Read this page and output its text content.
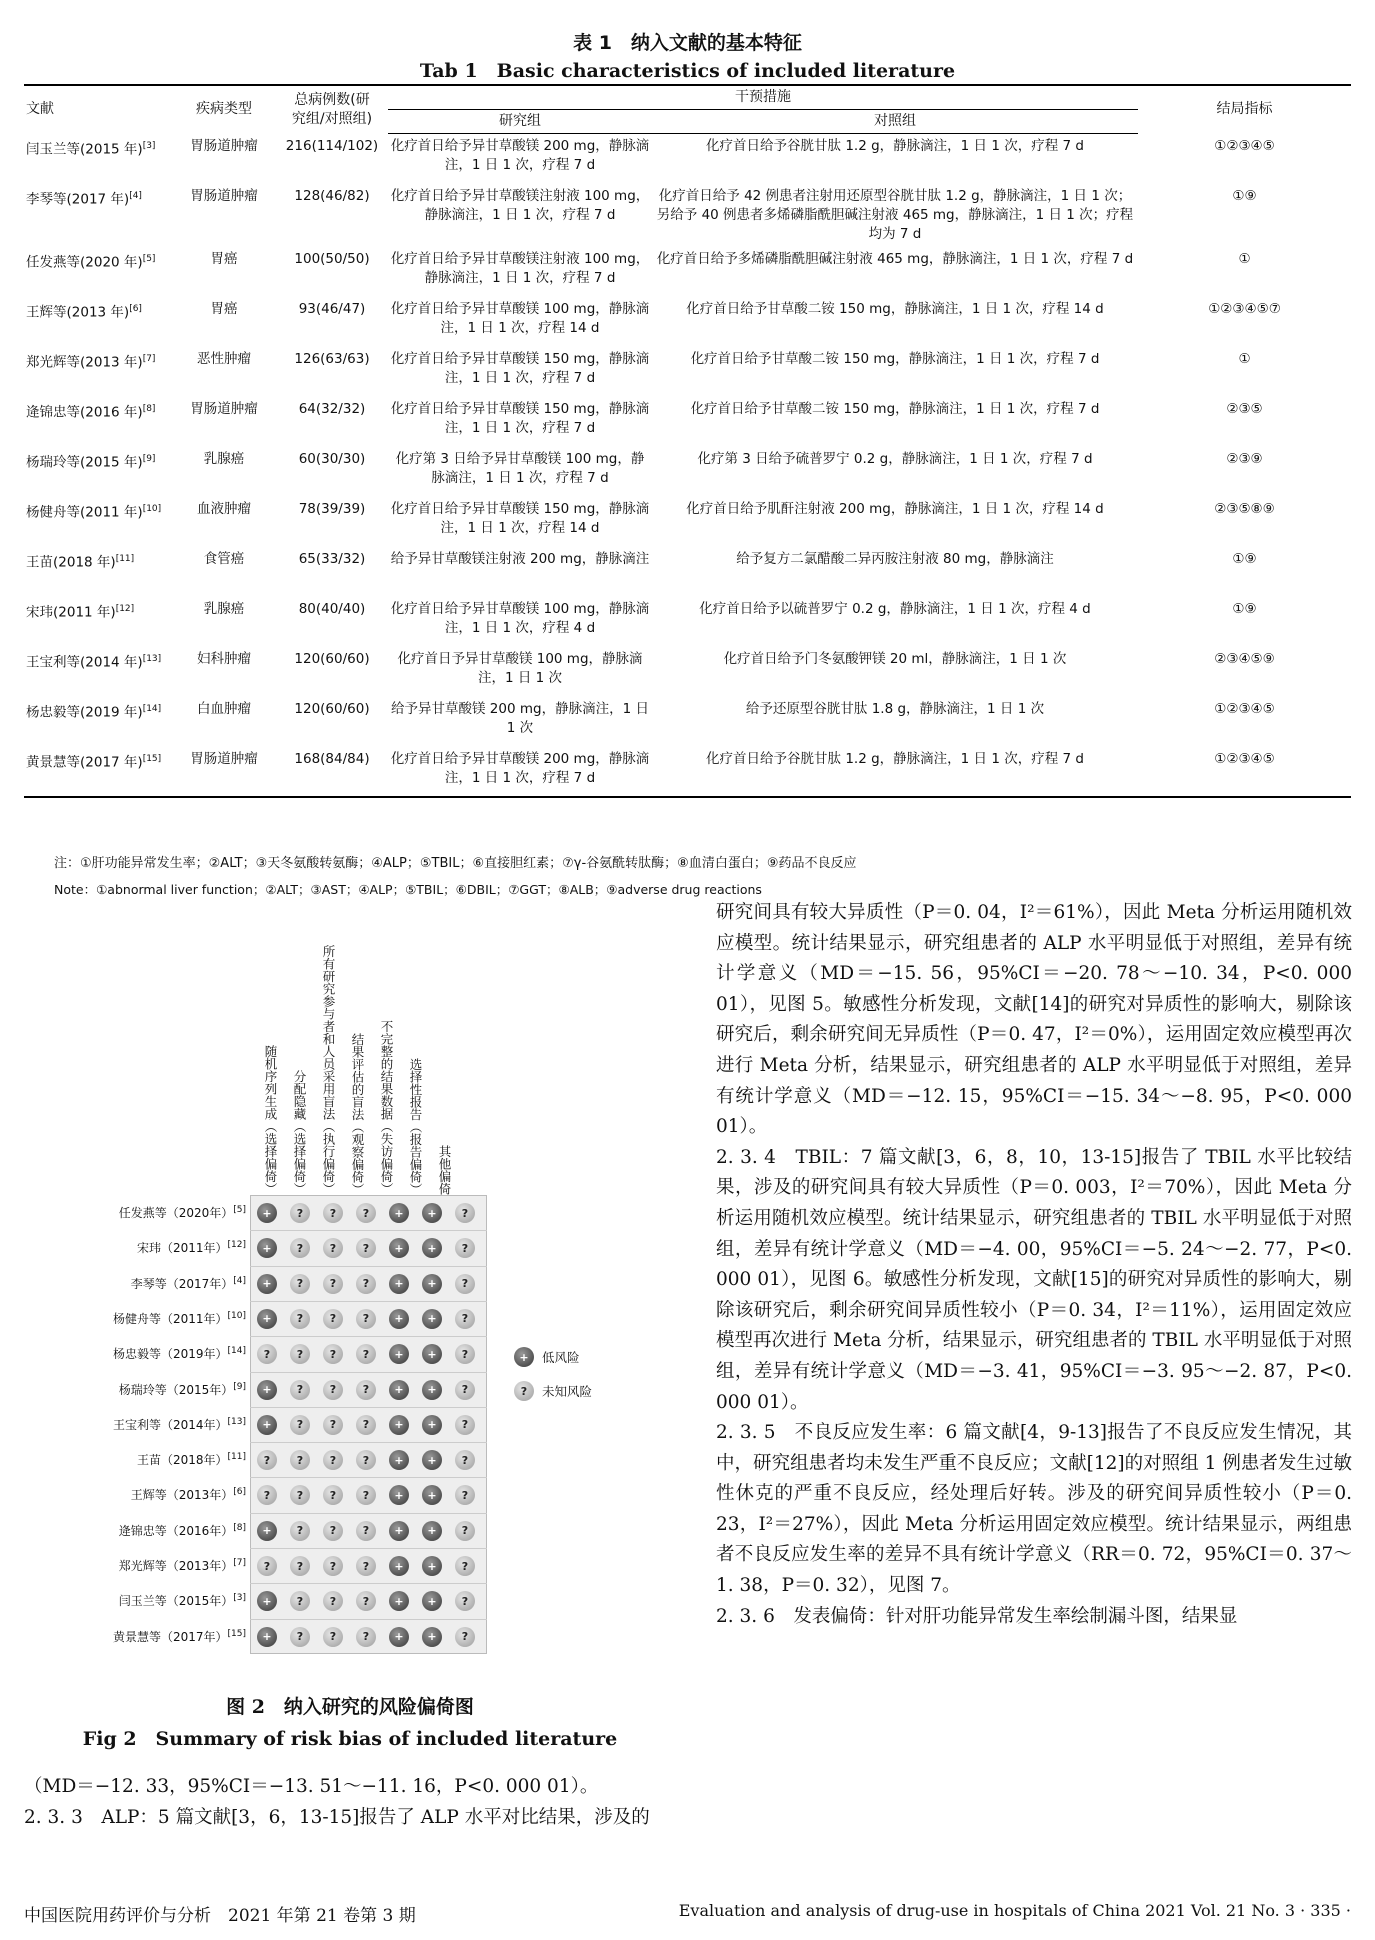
表 1　纳入文献的基本特征
Tab 1　Basic characteristics of included literature
文献	疾病类型	总病例数(研
究组/对照组)	干预措施		结局指标
			研究组	对照组	
闫玉兰等(2015 年)[3]	胃肠道肿瘤	216(114/102)	化疗首日给予异甘草酸镁 200 mg，静脉滴注，1 日 1 次，疗程 7 d	化疗首日给予谷胱甘肽 1.2 g，静脉滴注，1 日 1 次，疗程 7 d	①②③④⑤
李琴等(2017 年)[4]	胃肠道肿瘤	128(46/82)	化疗首日给予异甘草酸镁注射液 100 mg，静脉滴注，1 日 1 次，疗程 7 d	化疗首日给予 42 例患者注射用还原型谷胱甘肽 1.2 g，静脉滴注，1 日 1 次；另给予 40 例患者多烯磷脂酰胆碱注射液 465 mg，静脉滴注，1 日 1 次；疗程均为 7 d	①⑨
任发燕等(2020 年)[5]	胃癌	100(50/50)	化疗首日给予异甘草酸镁注射液 100 mg，静脉滴注，1 日 1 次，疗程 7 d	化疗首日给予多烯磷脂酰胆碱注射液 465 mg，静脉滴注，1 日 1 次，疗程 7 d	①
王辉等(2013 年)[6]	胃癌	93(46/47)	化疗首日给予异甘草酸镁 100 mg，静脉滴注，1 日 1 次，疗程 14 d	化疗首日给予甘草酸二铵 150 mg，静脉滴注，1 日 1 次，疗程 14 d	①②③④⑤⑦
郑光辉等(2013 年)[7]	恶性肿瘤	126(63/63)	化疗首日给予异甘草酸镁 150 mg，静脉滴注，1 日 1 次，疗程 7 d	化疗首日给予甘草酸二铵 150 mg，静脉滴注，1 日 1 次，疗程 7 d	①
逄锦忠等(2016 年)[8]	胃肠道肿瘤	64(32/32)	化疗首日给予异甘草酸镁 150 mg，静脉滴注，1 日 1 次，疗程 7 d	化疗首日给予甘草酸二铵 150 mg，静脉滴注，1 日 1 次，疗程 7 d	②③⑤
杨瑞玲等(2015 年)[9]	乳腺癌	60(30/30)	化疗第 3 日给予异甘草酸镁 100 mg，静脉滴注，1 日 1 次，疗程 7 d	化疗第 3 日给予硫普罗宁 0.2 g，静脉滴注，1 日 1 次，疗程 7 d	②③⑨
杨健舟等(2011 年)[10]	血液肿瘤	78(39/39)	化疗首日给予异甘草酸镁 150 mg，静脉滴注，1 日 1 次，疗程 14 d	化疗首日给予肌酐注射液 200 mg，静脉滴注，1 日 1 次，疗程 14 d	②③⑤⑧⑨
王苗(2018 年)[11]	食管癌	65(33/32)	给予异甘草酸镁注射液 200 mg，静脉滴注	给予复方二氯醋酸二异丙胺注射液 80 mg，静脉滴注	①⑨
宋玮(2011 年)[12]	乳腺癌	80(40/40)	化疗首日给予异甘草酸镁 100 mg，静脉滴注，1 日 1 次，疗程 4 d	化疗首日给予以硫普罗宁 0.2 g，静脉滴注，1 日 1 次，疗程 4 d	①⑨
王宝利等(2014 年)[13]	妇科肿瘤	120(60/60)	化疗首日予异甘草酸镁 100 mg，静脉滴注，1 日 1 次	化疗首日给予门冬氨酸钾镁 20 ml，静脉滴注，1 日 1 次	②③④⑤⑨
杨忠毅等(2019 年)[14]	白血肿瘤	120(60/60)	给予异甘草酸镁 200 mg，静脉滴注，1 日 1 次	给予还原型谷胱甘肽 1.8 g，静脉滴注，1 日 1 次	①②③④⑤
黄景慧等(2017 年)[15]	胃肠道肿瘤	168(84/84)	化疗首日给予异甘草酸镁 200 mg，静脉滴注，1 日 1 次，疗程 7 d	化疗首日给予谷胱甘肽 1.2 g，静脉滴注，1 日 1 次，疗程 7 d	①②③④⑤
注：①肝功能异常发生率；②ALT；③天冬氨酸转氨酶；④ALP；⑤TBIL；⑥直接胆红素；⑦γ-谷氨酰转肽酶；⑧血清白蛋白；⑨药品不良反应
Note：①abnormal liver function；②ALT；③AST；④ALP；⑤TBIL；⑥DBIL；⑦GGT；⑧ALB；⑨adverse drug reactions
随机序列生成（选择偏倚） 分配隐藏（选择偏倚） 所有研究参与者和人员采用盲法（执行偏倚） 结果评估的盲法（观察偏倚） 不完整的结果数据（失访偏倚） 选择性报告（报告偏倚） 其他偏倚
任发燕等（2020年）[5]	+	?	?	?	+	+	?
宋玮（2011年）[12]	+	?	?	?	+	+	?
李琴等（2017年）[4]	+	?	?	?	+	+	?
杨健舟等（2011年）[10]	+	?	?	?	+	+	?
杨忠毅等（2019年）[14]	?	?	?	?	+	+	?
杨瑞玲等（2015年）[9]	+	?	?	?	+	+	?
王宝利等（2014年）[13]	+	?	?	?	+	+	?
王苗（2018年）[11]	?	?	?	?	+	+	?
王辉等（2013年）[6]	?	?	?	?	+	+	?
逄锦忠等（2016年）[8]	+	?	?	?	+	+	?
郑光辉等（2013年）[7]	?	?	?	?	+	+	?
闫玉兰等（2015年）[3]	+	?	?	?	+	+	?
黄景慧等（2017年）[15]	+	?	?	?	+	+	?
+	低风险
?	未知风险
图 2　纳入研究的风险偏倚图
Fig 2　Summary of risk bias of included literature

（MD＝−12. 33，95%CI＝−13. 51～−11. 16，P<0. 000 01）。

2. 3. 3　ALP：5 篇文献[3，6，13-15]报告了 ALP 水平对比结果，涉及的

研究间具有较大异质性（P＝0. 04，I²＝61%），因此 Meta 分析运用随机效应模型。统计结果显示，研究组患者的 ALP 水平明显低于对照组，差异有统计学意义（MD＝−15. 56，95%CI＝−20. 78～−10. 34，P<0. 000 01），见图 5。敏感性分析发现，文献[14]的研究对异质性的影响大，剔除该研究后，剩余研究间无异质性（P＝0. 47，I²＝0%），运用固定效应模型再次进行 Meta 分析，结果显示，研究组患者的 ALP 水平明显低于对照组，差异有统计学意义（MD＝−12. 15，95%CI＝−15. 34～−8. 95，P<0. 000 01）。

2. 3. 4　TBIL：7 篇文献[3，6，8，10，13-15]报告了 TBIL 水平比较结果，涉及的研究间具有较大异质性（P＝0. 003，I²＝70%），因此 Meta 分析运用随机效应模型。统计结果显示，研究组患者的 TBIL 水平明显低于对照组，差异有统计学意义（MD＝−4. 00，95%CI＝−5. 24～−2. 77，P<0. 000 01），见图 6。敏感性分析发现，文献[15]的研究对异质性的影响大，剔除该研究后，剩余研究间异质性较小（P＝0. 34，I²＝11%），运用固定效应模型再次进行 Meta 分析，结果显示，研究组患者的 TBIL 水平明显低于对照组，差异有统计学意义（MD＝−3. 41，95%CI＝−3. 95～−2. 87，P<0. 000 01）。

2. 3. 5　不良反应发生率：6 篇文献[4，9-13]报告了不良反应发生情况，其中，研究组患者均未发生严重不良反应；文献[12]的对照组 1 例患者发生过敏性休克的严重不良反应，经处理后好转。涉及的研究间异质性较小（P＝0. 23，I²＝27%），因此 Meta 分析运用固定效应模型。统计结果显示，两组患者不良反应发生率的差异不具有统计学意义（RR＝0. 72，95%CI＝0. 37～1. 38，P＝0. 32），见图 7。

2. 3. 6　发表偏倚：针对肝功能异常发生率绘制漏斗图，结果显

中国医院用药评价与分析　2021 年第 21 卷第 3 期	Evaluation and analysis of drug-use in hospitals of China 2021 Vol. 21 No. 3 · 335 ·
